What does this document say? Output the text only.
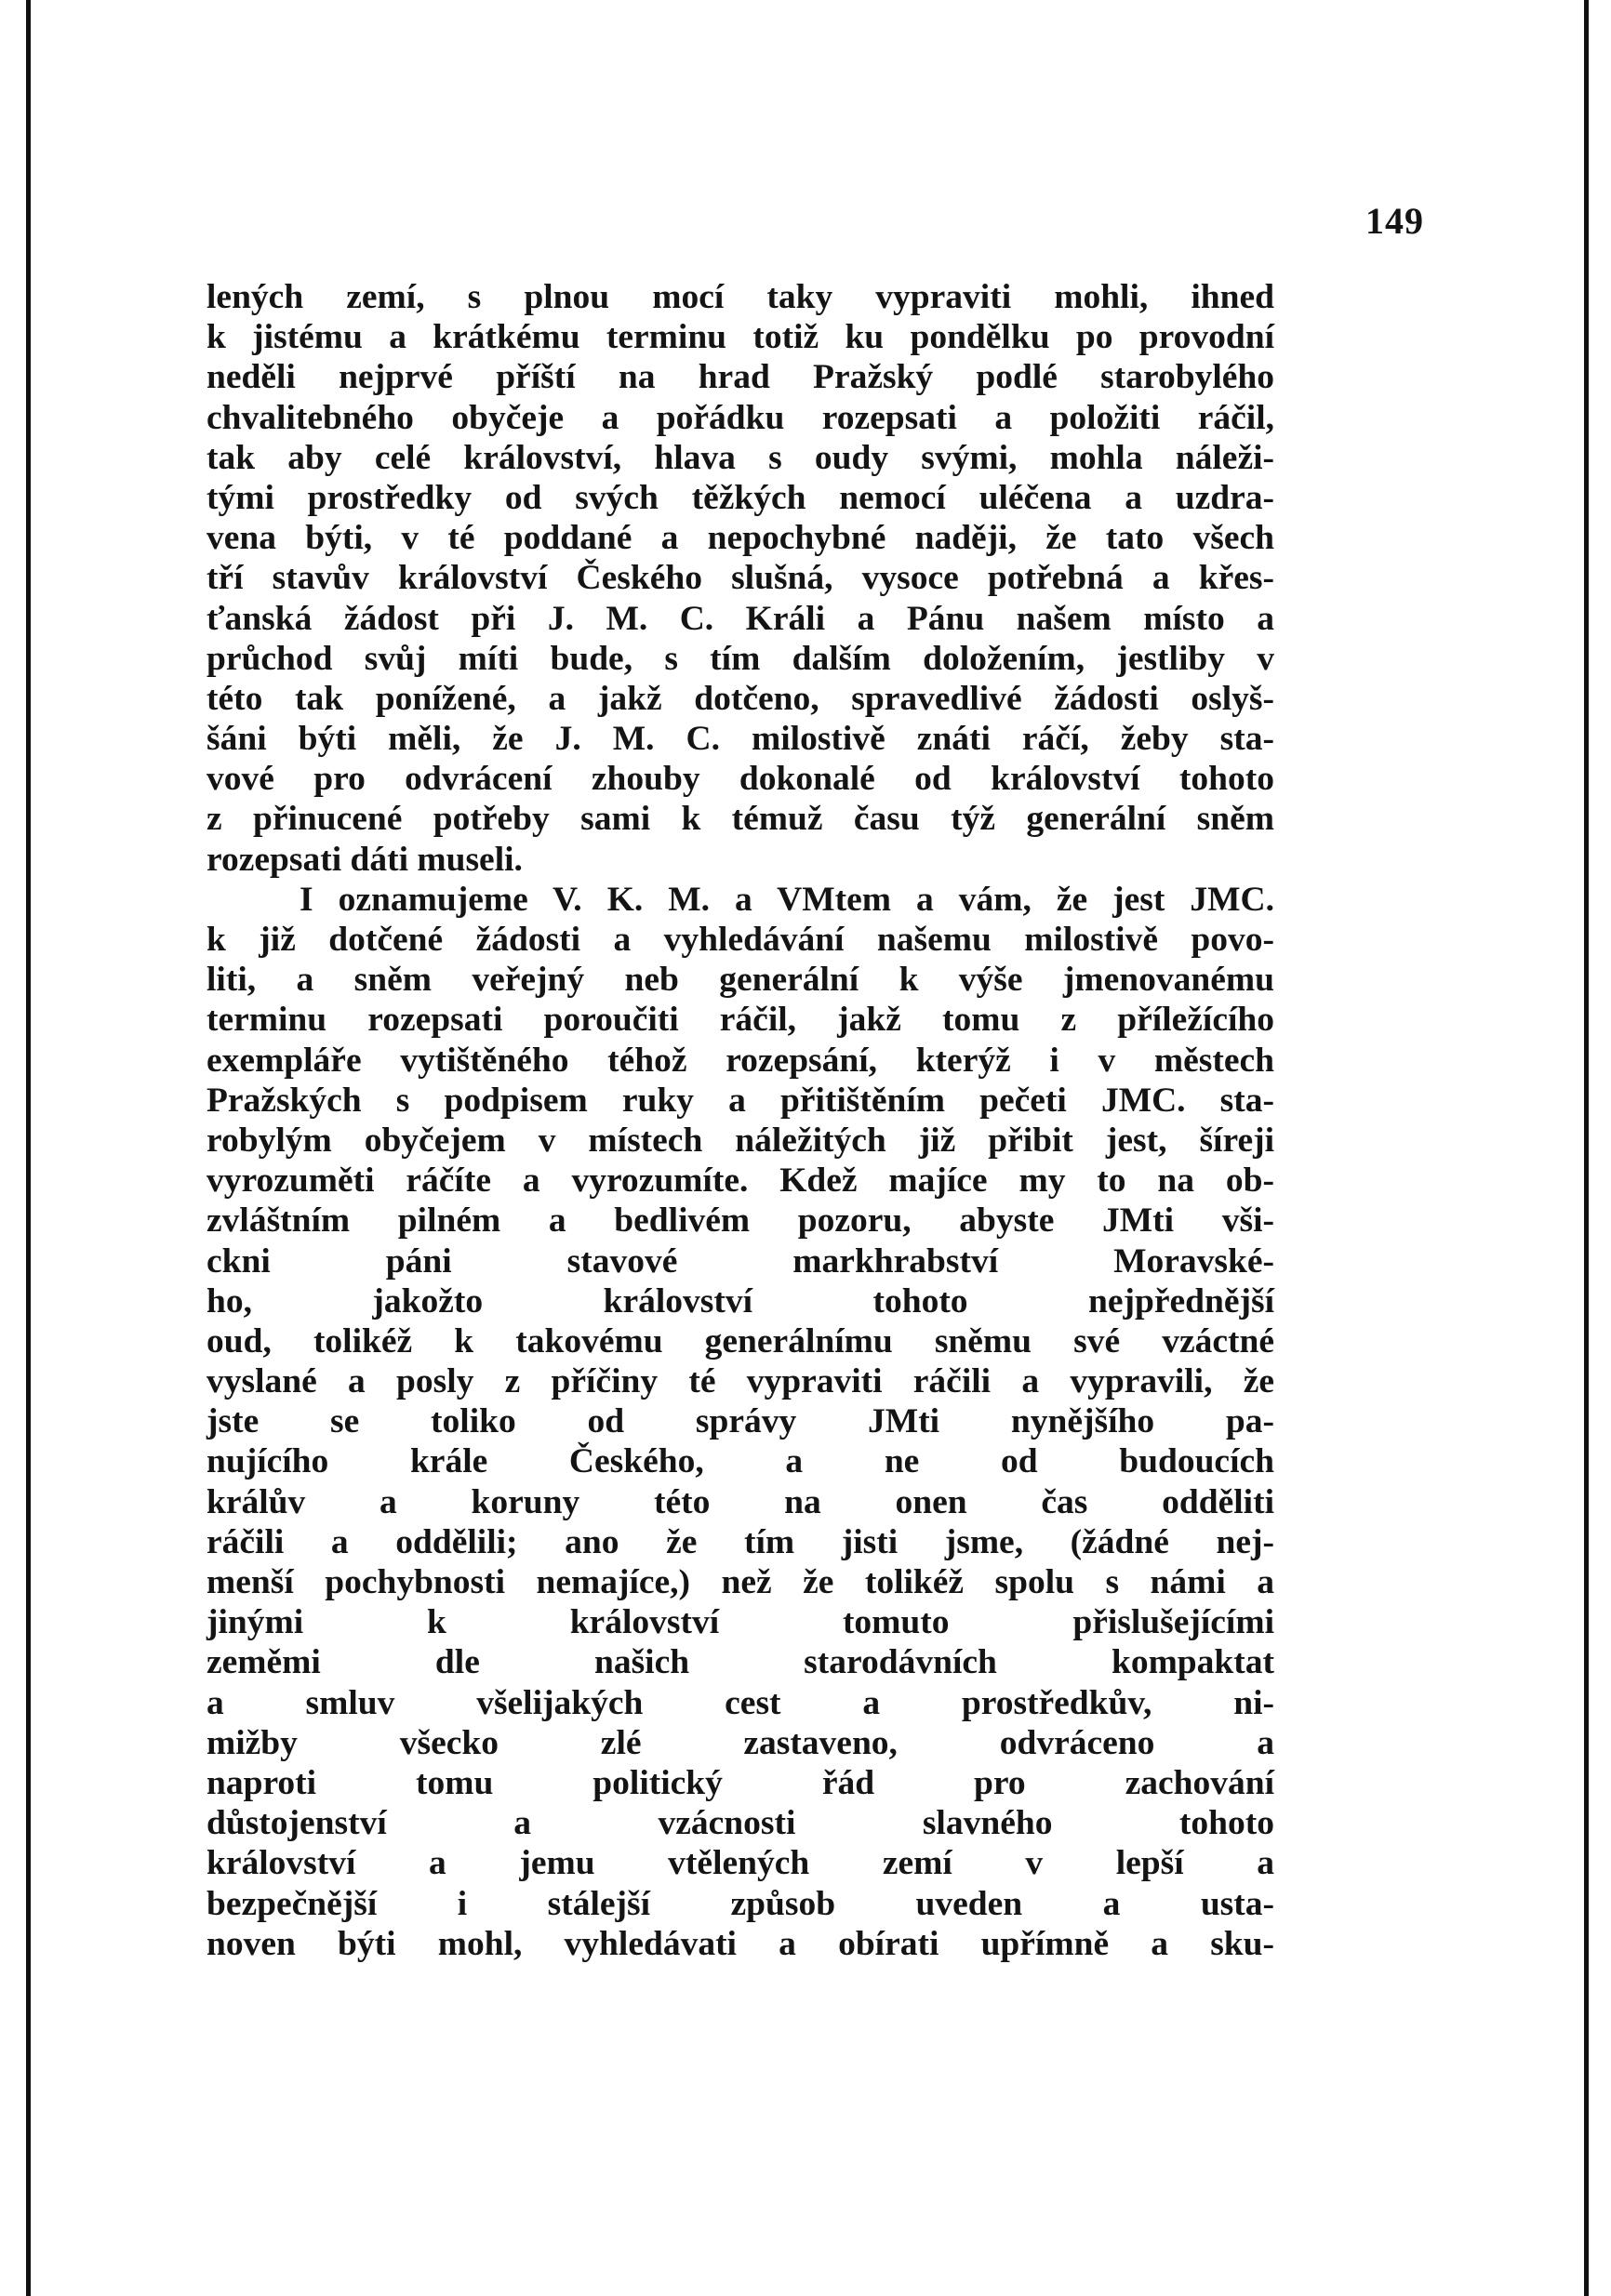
149
lených zemí, s plnou mocí taky vypraviti mohli, ihned
k jistému a krátkému terminu totiž ku pondělku po provodní
neděli nejprvé příští na hrad Pražský podlé starobylého
chvalitebného obyčeje a pořádku rozepsati a položiti ráčil,
tak aby celé království, hlava s oudy svými, mohla náleži-
tými prostředky od svých těžkých nemocí uléčena a uzdra-
vena býti, v té poddané a nepochybné naději, že tato všech
tří stavův království Českého slušná, vysoce potřebná a křes-
ťanská žádost při J. M. C. Králi a Pánu našem místo a
průchod svůj míti bude, s tím dalším doložením, jestliby v
této tak ponížené, a jakž dotčeno, spravedlivé žádosti oslyš-
šáni býti měli, že J. M. C. milostivě znáti ráčí, žeby sta-
vové pro odvrácení zhouby dokonalé od království tohoto
z přinucené potřeby sami k témuž času týž generální sněm
rozepsati dáti museli.
I oznamujeme V. K. M. a VMtem a vám, že jest JMC.
k již dotčené žádosti a vyhledávání našemu milostivě povo-
liti, a sněm veřejný neb generální k výše jmenovanému
terminu rozepsati poroučiti ráčil, jakž tomu z příležícího
exempláře vytištěného téhož rozepsání, kterýž i v městech
Pražských s podpisem ruky a přitištěním pečeti JMC. sta-
robylým obyčejem v místech náležitých již přibit jest, šíreji
vyrozuměti ráčíte a vyrozumíte. Kdež majíce my to na ob-
zvláštním pilném a bedlivém pozoru, abyste JMti vši-
ckni páni stavové markhrabství Moravské-
ho, jakožto království tohoto nejpřednější
oud, tolikéž k takovému generálnímu sněmu své vzáctné
vyslané a posly z příčiny té vypraviti ráčili a vypravili, že
jste se toliko od správy JMti nynějšího pa-
nujícího krále Českého, a ne od budoucích
králův a koruny této na onen čas odděliti
ráčili a oddělili; ano že tím jisti jsme, (žádné nej-
menší pochybnosti nemajíce,) než že tolikéž spolu s námi a
jinými k království tomuto přislušejícími
zeměmi dle našich starodávních kompaktat
a smluv všelijakých cest a prostředkův, ni-
mižby všecko zlé zastaveno, odvráceno a
naproti tomu politický řád pro zachování
důstojenství a vzácnosti slavného tohoto
království a jemu vtělených zemí v lepší a
bezpečnější i stálejší způsob uveden a usta-
noven býti mohl, vyhledávati a obírati upřímně a sku-
